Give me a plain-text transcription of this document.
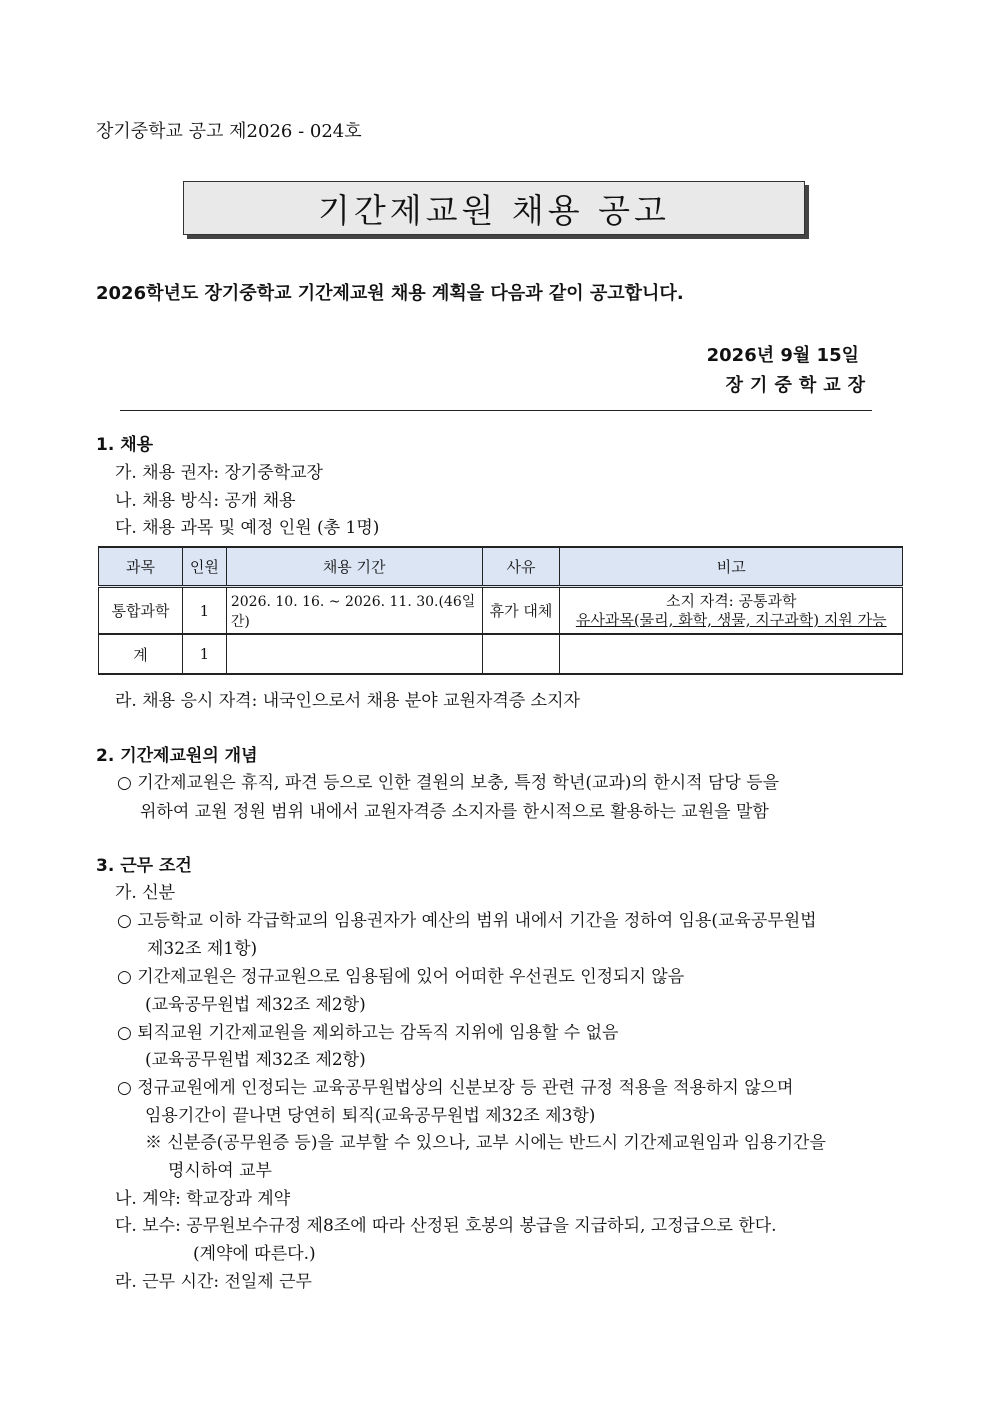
장기중학교 공고 제2026 - 024호
기간제교원 채용 공고
2026학년도 장기중학교 기간제교원 채용 계획을 다음과 같이 공고합니다.
2026년 9월 15일
장기중학교장
1. 채용
가. 채용 권자: 장기중학교장
나. 채용 방식: 공개 채용
다. 채용 과목 및 예정 인원 (총 1명)
과목	인원	채용 기간	사유	비고
통합과학	1	2026. 10. 16. ~ 2026. 11. 30.(46일간)	휴가 대체	소지 자격: 공통과학
유사과목(물리, 화학, 생물, 지구과학) 지원 가능

계	1			
라. 채용 응시 자격: 내국인으로서 채용 분야 교원자격증 소지자
2. 기간제교원의 개념
○ 기간제교원은 휴직, 파견 등으로 인한 결원의 보충, 특정 학년(교과)의 한시적 담당 등을
위하여 교원 정원 범위 내에서 교원자격증 소지자를 한시적으로 활용하는 교원을 말함
3. 근무 조건
가. 신분
○ 고등학교 이하 각급학교의 임용권자가 예산의 범위 내에서 기간을 정하여 임용(교육공무원법
제32조 제1항)
○ 기간제교원은 정규교원으로 임용됨에 있어 어떠한 우선권도 인정되지 않음
(교육공무원법 제32조 제2항)
○ 퇴직교원 기간제교원을 제외하고는 감독직 지위에 임용할 수 없음
(교육공무원법 제32조 제2항)
○ 정규교원에게 인정되는 교육공무원법상의 신분보장 등 관련 규정 적용을 적용하지 않으며
임용기간이 끝나면 당연히 퇴직(교육공무원법 제32조 제3항)
※ 신분증(공무원증 등)을 교부할 수 있으나, 교부 시에는 반드시 기간제교원임과 임용기간을
명시하여 교부
나. 계약: 학교장과 계약
다. 보수: 공무원보수규정 제8조에 따라 산정된 호봉의 봉급을 지급하되, 고정급으로 한다.
(계약에 따른다.)
라. 근무 시간: 전일제 근무
